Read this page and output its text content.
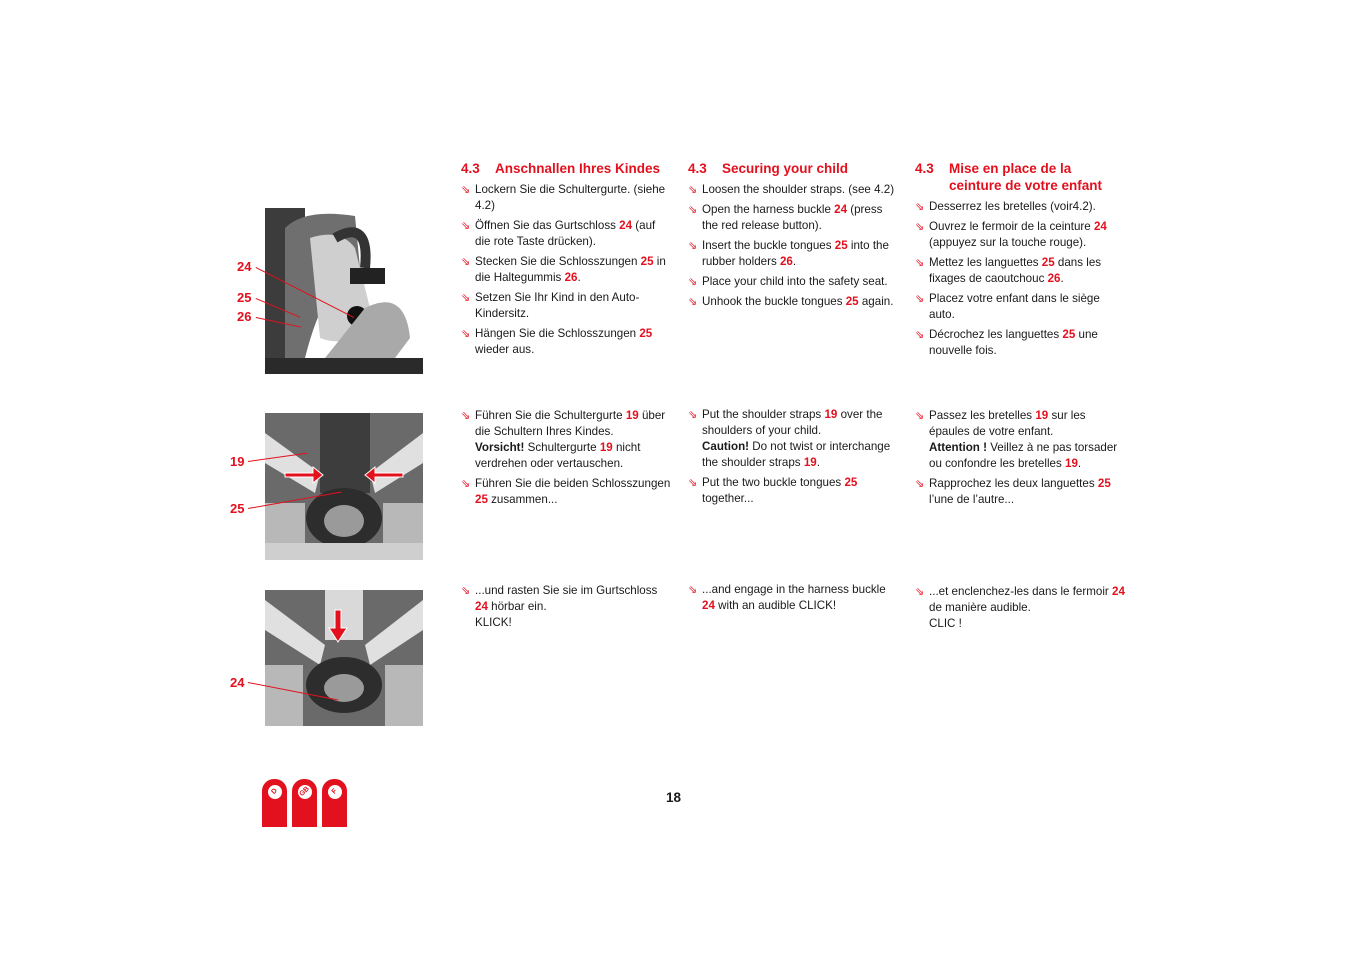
24
25
26
19
25
24
4.3	Anschnallen Ihres Kindes
⇘ Lockern Sie die Schultergurte. (siehe 4.2)
⇘ Öffnen Sie das Gurtschloss 24 (auf die rote Taste drücken).
⇘ Stecken Sie die Schlosszungen 25 in die Haltegummis 26.
⇘ Setzen Sie Ihr Kind in den Auto-Kindersitz.
⇘ Hängen Sie die Schlosszungen 25 wieder aus.
⇘ Führen Sie die Schultergurte 19 über die Schultern Ihres Kindes.
Vorsicht! Schultergurte 19 nicht verdrehen oder vertauschen.
⇘ Führen Sie die beiden Schlosszungen 25 zusammen...
⇘ ...und rasten Sie sie im Gurtschloss 24 hörbar ein.
KLICK!
4.3	Securing your child
⇘ Loosen the shoulder straps. (see 4.2)
⇘ Open the harness buckle 24 (press the red release button).
⇘ Insert the buckle tongues 25 into the rubber holders 26.
⇘ Place your child into the safety seat.
⇘ Unhook the buckle tongues 25 again.
⇘ Put the shoulder straps 19 over the shoulders of your child.
Caution! Do not twist or interchange the shoulder straps 19.
⇘ Put the two buckle tongues 25 together...
⇘ ...and engage in the harness buckle 24 with an audible CLICK!
4.3	Mise en place de la ceinture de votre enfant
⇘ Desserrez les bretelles (voir4.2).
⇘ Ouvrez le fermoir de la ceinture 24 (appuyez sur la touche rouge).
⇘ Mettez les languettes 25 dans les fixages de caoutchouc 26.
⇘ Placez votre enfant dans le siège auto.
⇘ Décrochez les languettes 25 une nouvelle fois.
⇘ Passez les bretelles 19 sur les épaules de votre enfant.
Attention ! Veillez à ne pas torsader ou confondre les bretelles 19.
⇘ Rapprochez les deux languettes 25 l’une de l’autre...
⇘ ...et enclenchez-les dans le fermoir 24 de manière audible.
CLIC !
18
D	GB	F
